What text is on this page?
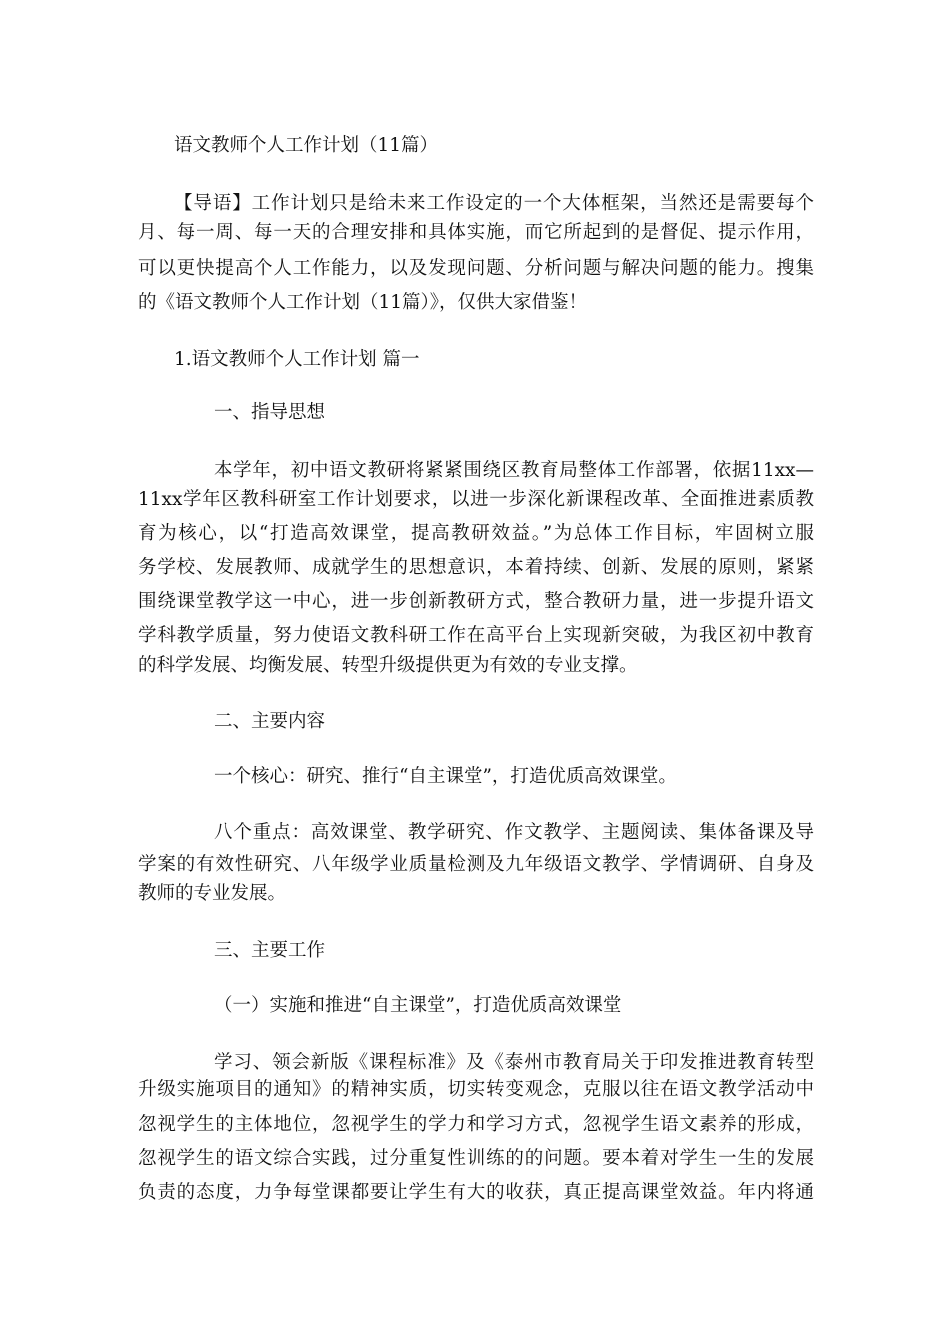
语文教师个人工作计划（11篇）
【导语】工作计划只是给未来工作设定的一个大体框架，当然还是需要每个
月、每一周、每一天的合理安排和具体实施，而它所起到的是督促、提示作用，
可以更快提高个人工作能力，以及发现问题、分析问题与解决问题的能力。搜集
的《语文教师个人工作计划（11篇）》，仅供大家借鉴！
1.语文教师个人工作计划 篇一
一、指导思想
本学年，初中语文教研将紧紧围绕区教育局整体工作部署，依据11xx—
11xx学年区教科研室工作计划要求，以进一步深化新课程改革、全面推进素质教
育为核心，以“打造高效课堂，提高教研效益。”为总体工作目标，牢固树立服
务学校、发展教师、成就学生的思想意识，本着持续、创新、发展的原则，紧紧
围绕课堂教学这一中心，进一步创新教研方式，整合教研力量，进一步提升语文
学科教学质量，努力使语文教科研工作在高平台上实现新突破，为我区初中教育
的科学发展、均衡发展、转型升级提供更为有效的专业支撑。
二、主要内容
一个核心：研究、推行“自主课堂”，打造优质高效课堂。
八个重点：高效课堂、教学研究、作文教学、主题阅读、集体备课及导
学案的有效性研究、八年级学业质量检测及九年级语文教学、学情调研、自身及
教师的专业发展。
三、主要工作
（一）实施和推进“自主课堂”，打造优质高效课堂
学习、领会新版《课程标准》及《泰州市教育局关于印发推进教育转型
升级实施项目的通知》的精神实质，切实转变观念，克服以往在语文教学活动中
忽视学生的主体地位，忽视学生的学力和学习方式，忽视学生语文素养的形成，
忽视学生的语文综合实践，过分重复性训练的的问题。要本着对学生一生的发展
负责的态度，力争每堂课都要让学生有大的收获，真正提高课堂效益。年内将通
